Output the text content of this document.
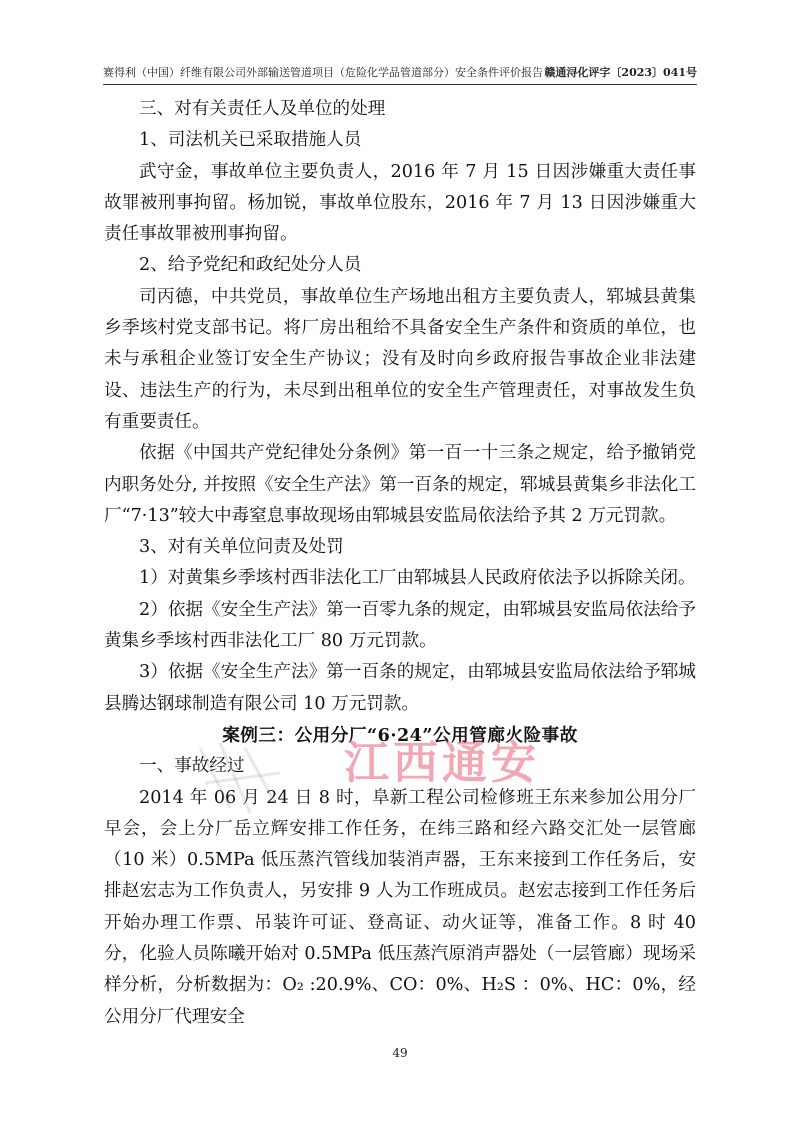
赛得利（中国）纤维有限公司外部输送管道项目（危险化学品管道部分）安全条件评价报告 赣通浔化评字〔2023〕041号

三、对有关责任人及单位的处理

1、司法机关已采取措施人员

武守金，事故单位主要负责人，2016 年 7 月 15 日因涉嫌重大责任事故罪被刑事拘留。杨加锐，事故单位股东，2016 年 7 月 13 日因涉嫌重大责任事故罪被刑事拘留。

2、给予党纪和政纪处分人员

司丙德，中共党员，事故单位生产场地出租方主要负责人，郓城县黄集乡季垓村党支部书记。将厂房出租给不具备安全生产条件和资质的单位，也未与承租企业签订安全生产协议；没有及时向乡政府报告事故企业非法建设、违法生产的行为，未尽到出租单位的安全生产管理责任，对事故发生负有重要责任。

依据《中国共产党纪律处分条例》第一百一十三条之规定，给予撤销党内职务处分, 并按照《安全生产法》第一百条的规定，郓城县黄集乡非法化工厂“7·13”较大中毒窒息事故现场由郓城县安监局依法给予其 2 万元罚款。

3、对有关单位问责及处罚

1）对黄集乡季垓村西非法化工厂由郓城县人民政府依法予以拆除关闭。

2）依据《安全生产法》第一百零九条的规定，由郓城县安监局依法给予黄集乡季垓村西非法化工厂 80 万元罚款。

3）依据《安全生产法》第一百条的规定，由郓城县安监局依法给予郓城县腾达钢球制造有限公司 10 万元罚款。

案例三：公用分厂“6·24”公用管廊火险事故

一、事故经过

2014 年 06 月 24 日 8 时，阜新工程公司检修班王东来参加公用分厂早会，会上分厂岳立辉安排工作任务，在纬三路和经六路交汇处一层管廊（10 米）0.5MPa 低压蒸汽管线加装消声器，王东来接到工作任务后，安排赵宏志为工作负责人，另安排 9 人为工作班成员。赵宏志接到工作任务后开始办理工作票、吊装许可证、登高证、动火证等，准备工作。8 时 40 分，化验人员陈曦开始对 0.5MPa 低压蒸汽原消声器处（一层管廊）现场采样分析，分析数据为：O₂ :20.9%、CO：0%、H₂S ：0%、HC：0%，经公用分厂代理安全

江西通安
49
